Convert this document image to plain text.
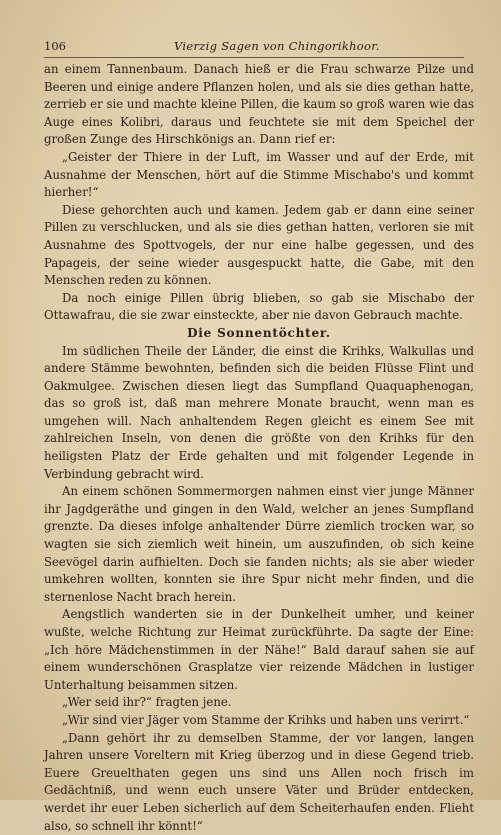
106	Vierzig Sagen von Chingorikhoor.

an einem Tannenbaum. Danach hieß er die Frau schwarze Pilze und Beeren und einige andere Pflanzen holen, und als sie dies gethan hatte, zerrieb er sie und machte kleine Pillen, die kaum so groß waren wie das Auge eines Kolibri, daraus und feuchtete sie mit dem Speichel der großen Zunge des Hirschkönigs an. Dann rief er:

„Geister der Thiere in der Luft, im Wasser und auf der Erde, mit Ausnahme der Menschen, hört auf die Stimme Mischabo's und kommt hierher!“

Diese gehorchten auch und kamen. Jedem gab er dann eine seiner Pillen zu verschlucken, und als sie dies gethan hatten, verloren sie mit Ausnahme des Spottvogels, der nur eine halbe gegessen, und des Papageis, der seine wieder ausgespuckt hatte, die Gabe, mit den Menschen reden zu können.

Da noch einige Pillen übrig blieben, so gab sie Mischabo der Ottawafrau, die sie zwar einsteckte, aber nie davon Gebrauch machte.

Die Sonnentöchter.

Im südlichen Theile der Länder, die einst die Krihks, Walkullas und andere Stämme bewohnten, befinden sich die beiden Flüsse Flint und Oakmulgee. Zwischen diesen liegt das Sumpfland Quaquaphenogan, das so groß ist, daß man mehrere Monate braucht, wenn man es umgehen will. Nach anhaltendem Regen gleicht es einem See mit zahlreichen Inseln, von denen die größte von den Krihks für den heiligsten Platz der Erde gehalten und mit folgender Legende in Verbindung gebracht wird.

An einem schönen Sommermorgen nahmen einst vier junge Männer ihr Jagdgeräthe und gingen in den Wald, welcher an jenes Sumpfland grenzte. Da dieses infolge anhaltender Dürre ziemlich trocken war, so wagten sie sich ziemlich weit hinein, um auszufinden, ob sich keine Seevögel darin aufhielten. Doch sie fanden nichts; als sie aber wieder umkehren wollten, konnten sie ihre Spur nicht mehr finden, und die sternenlose Nacht brach herein.

Aengstlich wanderten sie in der Dunkelheit umher, und keiner wußte, welche Richtung zur Heimat zurückführte. Da sagte der Eine: „Ich höre Mädchenstimmen in der Nähe!“ Bald darauf sahen sie auf einem wunderschönen Grasplatze vier reizende Mädchen in lustiger Unterhaltung beisammen sitzen.

„Wer seid ihr?“ fragten jene.

„Wir sind vier Jäger vom Stamme der Krihks und haben uns verirrt.“

„Dann gehört ihr zu demselben Stamme, der vor langen, langen Jahren unsere Voreltern mit Krieg überzog und in diese Gegend trieb. Euere Greuelthaten gegen uns sind uns Allen noch frisch im Gedächtniß, und wenn euch unsere Väter und Brüder entdecken, werdet ihr euer Leben sicherlich auf dem Scheiterhaufen enden. Flieht also, so schnell ihr könnt!“
